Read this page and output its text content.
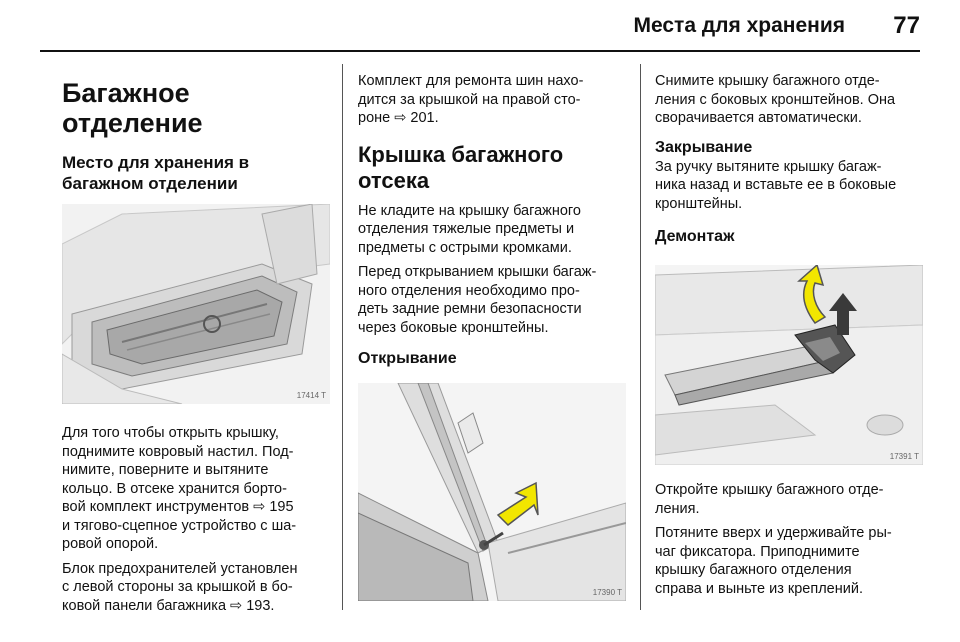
Места для хранения 77
Багажное отделение
Место для хранения в
багажном отделении
17414 T

Для того чтобы открыть крышку,
поднимите ковровый настил. Под-
нимите, поверните и вытяните
кольцо. В отсеке хранится борто-
вой комплект инструментов ⇨ 195
и тягово-сцепное устройство с ша-
ровой опорой.

Блок предохранителей установлен
с левой стороны за крышкой в бо-
ковой панели багажника ⇨ 193.

Комплект для ремонта шин нахо-
дится за крышкой на правой сто-
роне ⇨ 201.

Крышка багажного
отсека

Не кладите на крышку багажного
отделения тяжелые предметы и
предметы с острыми кромками.

Перед открыванием крышки багаж-
ного отделения необходимо про-
деть задние ремни безопасности
через боковые кронштейны.

Открывание
17390 T

Снимите крышку багажного отде-
ления с боковых кронштейнов. Она
сворачивается автоматически.

Закрывание

За ручку вытяните крышку багаж-
ника назад и вставьте ее в боковые
кронштейны.

Демонтаж
17391 T

Откройте крышку багажного отде-
ления.

Потяните вверх и удерживайте ры-
чаг фиксатора. Приподнимите
крышку багажного отделения
справа и выньте из креплений.
